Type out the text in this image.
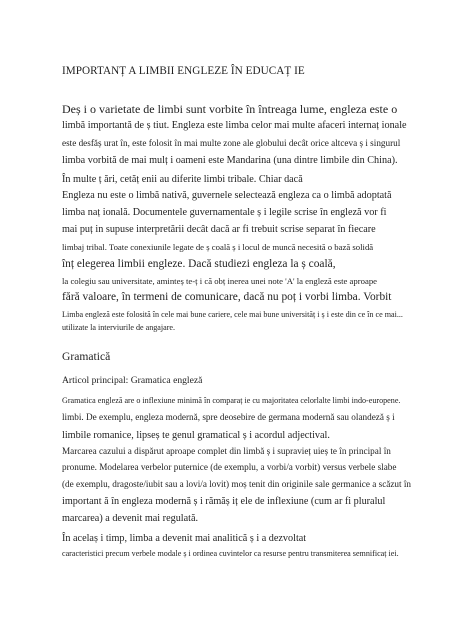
IMPORTANȚ A LIMBII ENGLEZE ÎN EDUCAȚ IE
Deș i o varietate de limbi sunt vorbite în întreaga lume, engleza este o
limbă importantă de ș tiut. Engleza este limba celor mai multe afaceri internaț ionale
este desfăș urat în, este folosit în mai multe zone ale globului decât orice altceva ș i singurul
limba vorbită de mai mulț i oameni este Mandarina (una dintre limbile din China).
În multe ț ări, cetăț enii au diferite limbi tribale. Chiar dacă
Engleza nu este o limbă nativă, guvernele selectează engleza ca o limbă adoptată
limba naț ională. Documentele guvernamentale ș i legile scrise în engleză vor fi
mai puț in supuse interpretării decât dacă ar fi trebuit scrise separat în fiecare
limbaj tribal. Toate conexiunile legate de ș coală ș i locul de muncă necesită o bază solidă
înț elegerea limbii engleze. Dacă studiezi engleza la ș coală,
la colegiu sau universitate, aminteș te-ț i că obț inerea unei note 'A' la engleză este aproape
fără valoare, în termeni de comunicare, dacă nu poț i vorbi limba. Vorbit
Limba engleză este folosită în cele mai bune cariere, cele mai bune universităț i ș i este din ce în ce mai...
utilizate la interviurile de angajare.
Gramatică
Articol principal: Gramatica engleză
Gramatica engleză are o inflexiune minimă în comparaț ie cu majoritatea celorlalte limbi indo-europene.
limbi. De exemplu, engleza modernă, spre deosebire de germana modernă sau olandeză ș i
limbile romanice, lipseș te genul gramatical ș i acordul adjectival.
Marcarea cazului a dispărut aproape complet din limbă ș i supravieț uieș te în principal în
pronume. Modelarea verbelor puternice (de exemplu, a vorbi/a vorbit) versus verbele slabe
(de exemplu, dragoste/iubit sau a lovi/a lovit) moș tenit din originile sale germanice a scăzut în
important ă în engleza modernă ș i rămăș iț ele de inflexiune (cum ar fi pluralul
marcarea) a devenit mai regulată.
În acelaș i timp, limba a devenit mai analitică ș i a dezvoltat
caracteristici precum verbele modale ș i ordinea cuvintelor ca resurse pentru transmiterea semnificaț iei.
